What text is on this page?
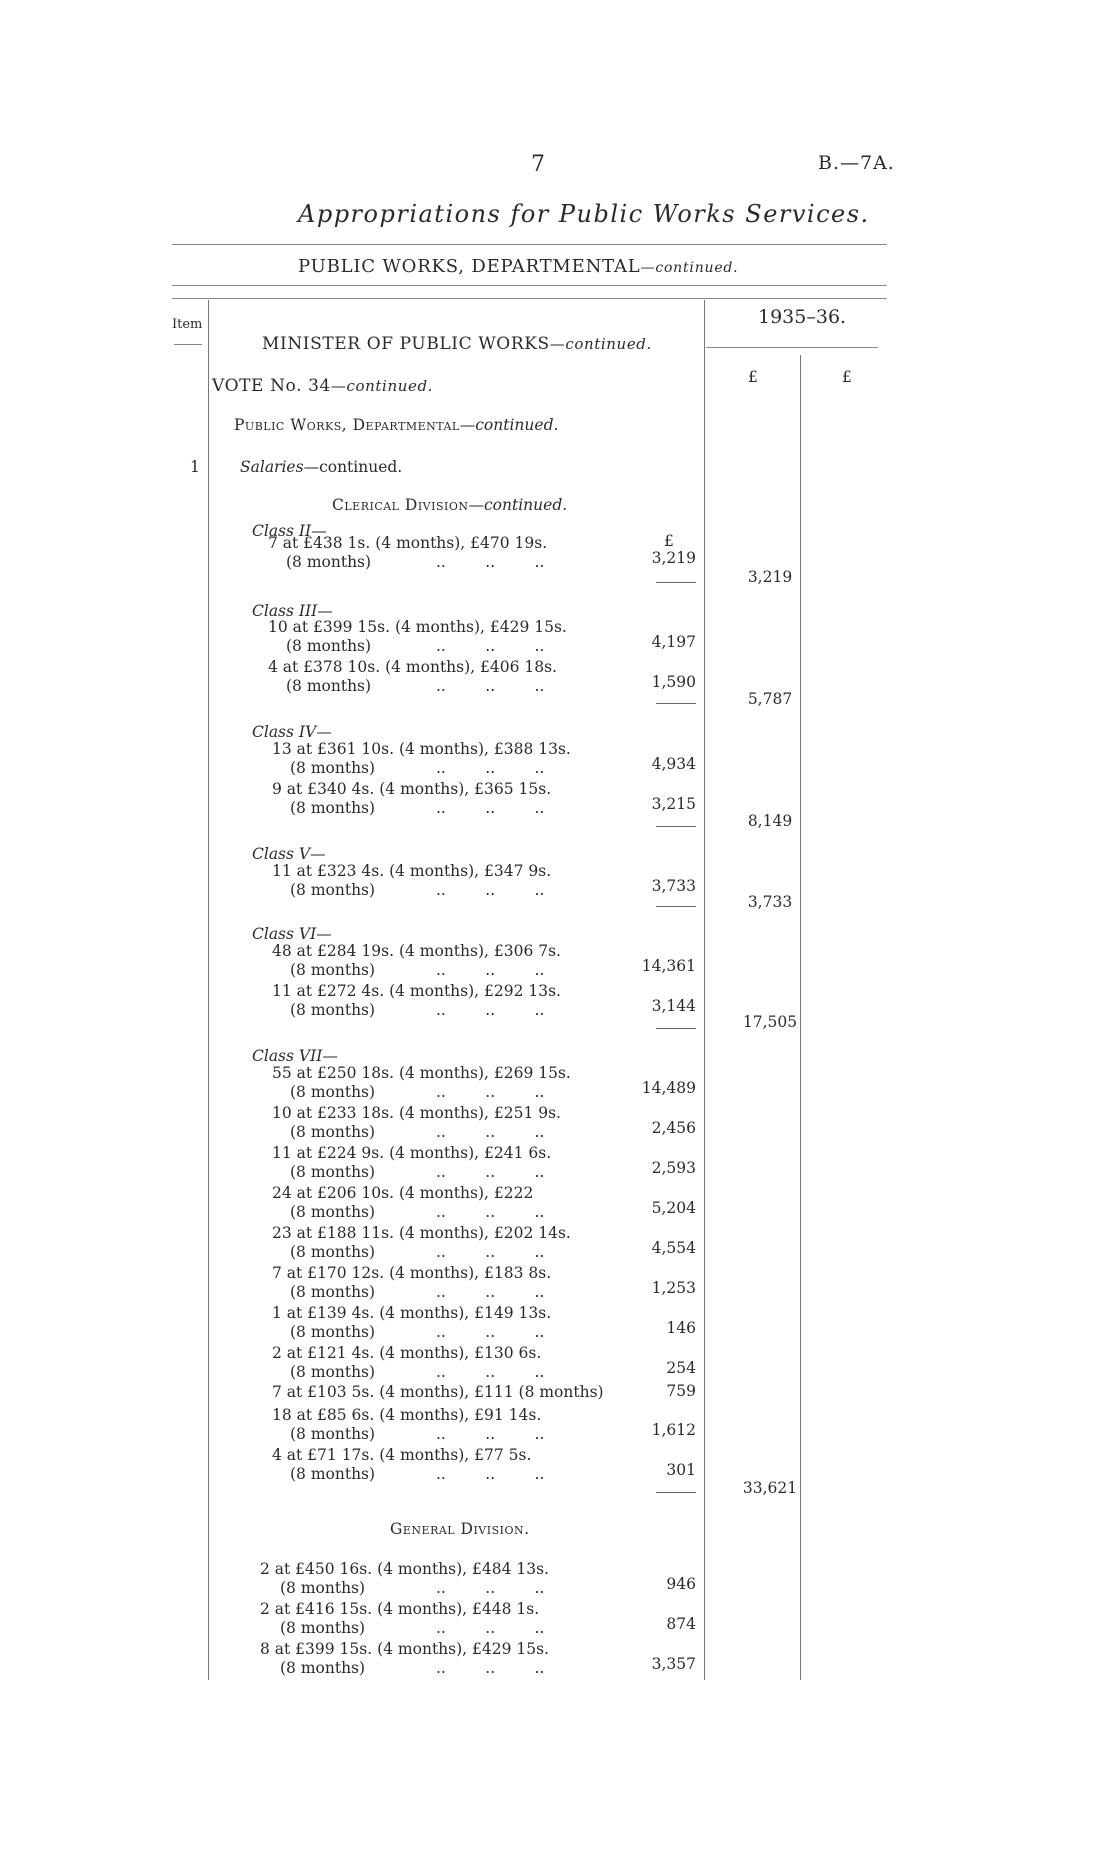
7	B.—7A.
Appropriations for Public Works Services.
PUBLIC WORKS, DEPARTMENTAL—continued.
Item	1935–36.
£	£
MINISTER OF PUBLIC WORKS—continued.
VOTE No. 34—continued.
Public Works, Departmental—continued.
1	Salaries—continued.
Clerical Division—continued.
£
Class II—
7 at £438 1s. (4 months), £470 19s.
(8 months)	..        ..        ..	3,219
3,219
Class III—
10 at £399 15s. (4 months), £429 15s.
(8 months)	..        ..        ..	4,197
4 at £378 10s. (4 months), £406 18s.
(8 months)	..        ..        ..	1,590
5,787
Class IV—
13 at £361 10s. (4 months), £388 13s.
(8 months)	..        ..        ..	4,934
9 at £340 4s. (4 months), £365 15s.
(8 months)	..        ..        ..	3,215
8,149
Class V—
11 at £323 4s. (4 months), £347 9s.
(8 months)	..        ..        ..	3,733
3,733
Class VI—
48 at £284 19s. (4 months), £306 7s.
(8 months)	..        ..        ..	14,361
11 at £272 4s. (4 months), £292 13s.
(8 months)	..        ..        ..	3,144
17,505
Class VII—
55 at £250 18s. (4 months), £269 15s.
(8 months)	..        ..        ..	14,489
10 at £233 18s. (4 months), £251 9s.
(8 months)	..        ..        ..	2,456
11 at £224 9s. (4 months), £241 6s.
(8 months)	..        ..        ..	2,593
24 at £206 10s. (4 months), £222
(8 months)	..        ..        ..	5,204
23 at £188 11s. (4 months), £202 14s.
(8 months)	..        ..        ..	4,554
7 at £170 12s. (4 months), £183 8s.
(8 months)	..        ..        ..	1,253
1 at £139 4s. (4 months), £149 13s.
(8 months)	..        ..        ..	146
2 at £121 4s. (4 months), £130 6s.
(8 months)	..        ..        ..	254
7 at £103 5s. (4 months), £111 (8 months)	759
18 at £85 6s. (4 months), £91 14s.
(8 months)	..        ..        ..	1,612
4 at £71 17s. (4 months), £77 5s.
(8 months)	..        ..        ..	301
33,621
General Division.
2 at £450 16s. (4 months), £484 13s.
(8 months)	..        ..        ..	946
2 at £416 15s. (4 months), £448 1s.
(8 months)	..        ..        ..	874
8 at £399 15s. (4 months), £429 15s.
(8 months)	..        ..        ..	3,357
